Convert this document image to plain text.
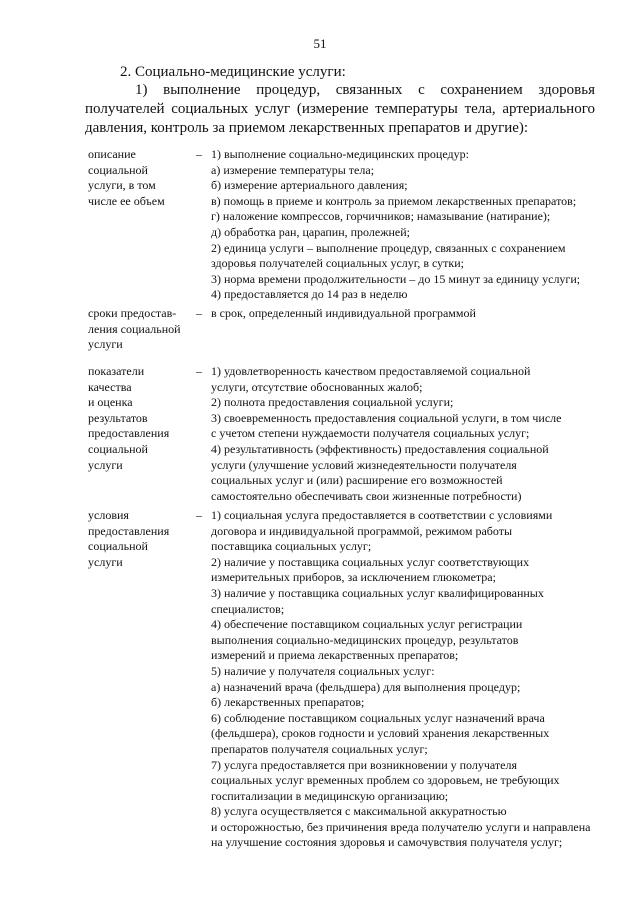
51
2. Социально-медицинские услуги:
1) выполнение процедур, связанных с сохранением здоровья получателей социальных услуг (измерение температуры тела, артериального давления, контроль за приемом лекарственных препаратов и другие):
описание
социальной
услуги, в том
числе ее объем
– 1) выполнение социально-медицинских процедур:
а) измерение температуры тела;
б) измерение артериального давления;
в) помощь в приеме и контроль за приемом лекарственных препаратов;
г) наложение компрессов, горчичников; намазывание (натирание);
д) обработка ран, царапин, пролежней;
2) единица услуги – выполнение процедур, связанных с сохранением
здоровья получателей социальных услуг, в сутки;
3) норма времени продолжительности – до 15 минут за единицу услуги;
4) предоставляется до 14 раз в неделю
сроки предостав-
ления социальной
услуги
– в срок, определенный индивидуальной программой
показатели
качества
и оценка
результатов
предоставления
социальной
услуги
– 1) удовлетворенность качеством предоставляемой социальной
услуги, отсутствие обоснованных жалоб;
2) полнота предоставления социальной услуги;
3) своевременность предоставления социальной услуги, в том числе
с учетом степени нуждаемости получателя социальных услуг;
4) результативность (эффективность) предоставления социальной
услуги (улучшение условий жизнедеятельности получателя
социальных услуг и (или) расширение его возможностей
самостоятельно обеспечивать свои жизненные потребности)
условия
предоставления
социальной
услуги
– 1) социальная услуга предоставляется в соответствии с условиями
договора и индивидуальной программой, режимом работы
поставщика социальных услуг;
2) наличие у поставщика социальных услуг соответствующих
измерительных приборов, за исключением глюкометра;
3) наличие у поставщика социальных услуг квалифицированных
специалистов;
4) обеспечение поставщиком социальных услуг регистрации
выполнения социально-медицинских процедур, результатов
измерений и приема лекарственных препаратов;
5) наличие у получателя социальных услуг:
а) назначений врача (фельдшера) для выполнения процедур;
б) лекарственных препаратов;
6) соблюдение поставщиком социальных услуг назначений врача
(фельдшера), сроков годности и условий хранения лекарственных
препаратов получателя социальных услуг;
7) услуга предоставляется при возникновении у получателя
социальных услуг временных проблем со здоровьем, не требующих
госпитализации в медицинскую организацию;
8) услуга осуществляется с максимальной аккуратностью
и осторожностью, без причинения вреда получателю услуги и направлена
на улучшение состояния здоровья и самочувствия получателя услуг;
